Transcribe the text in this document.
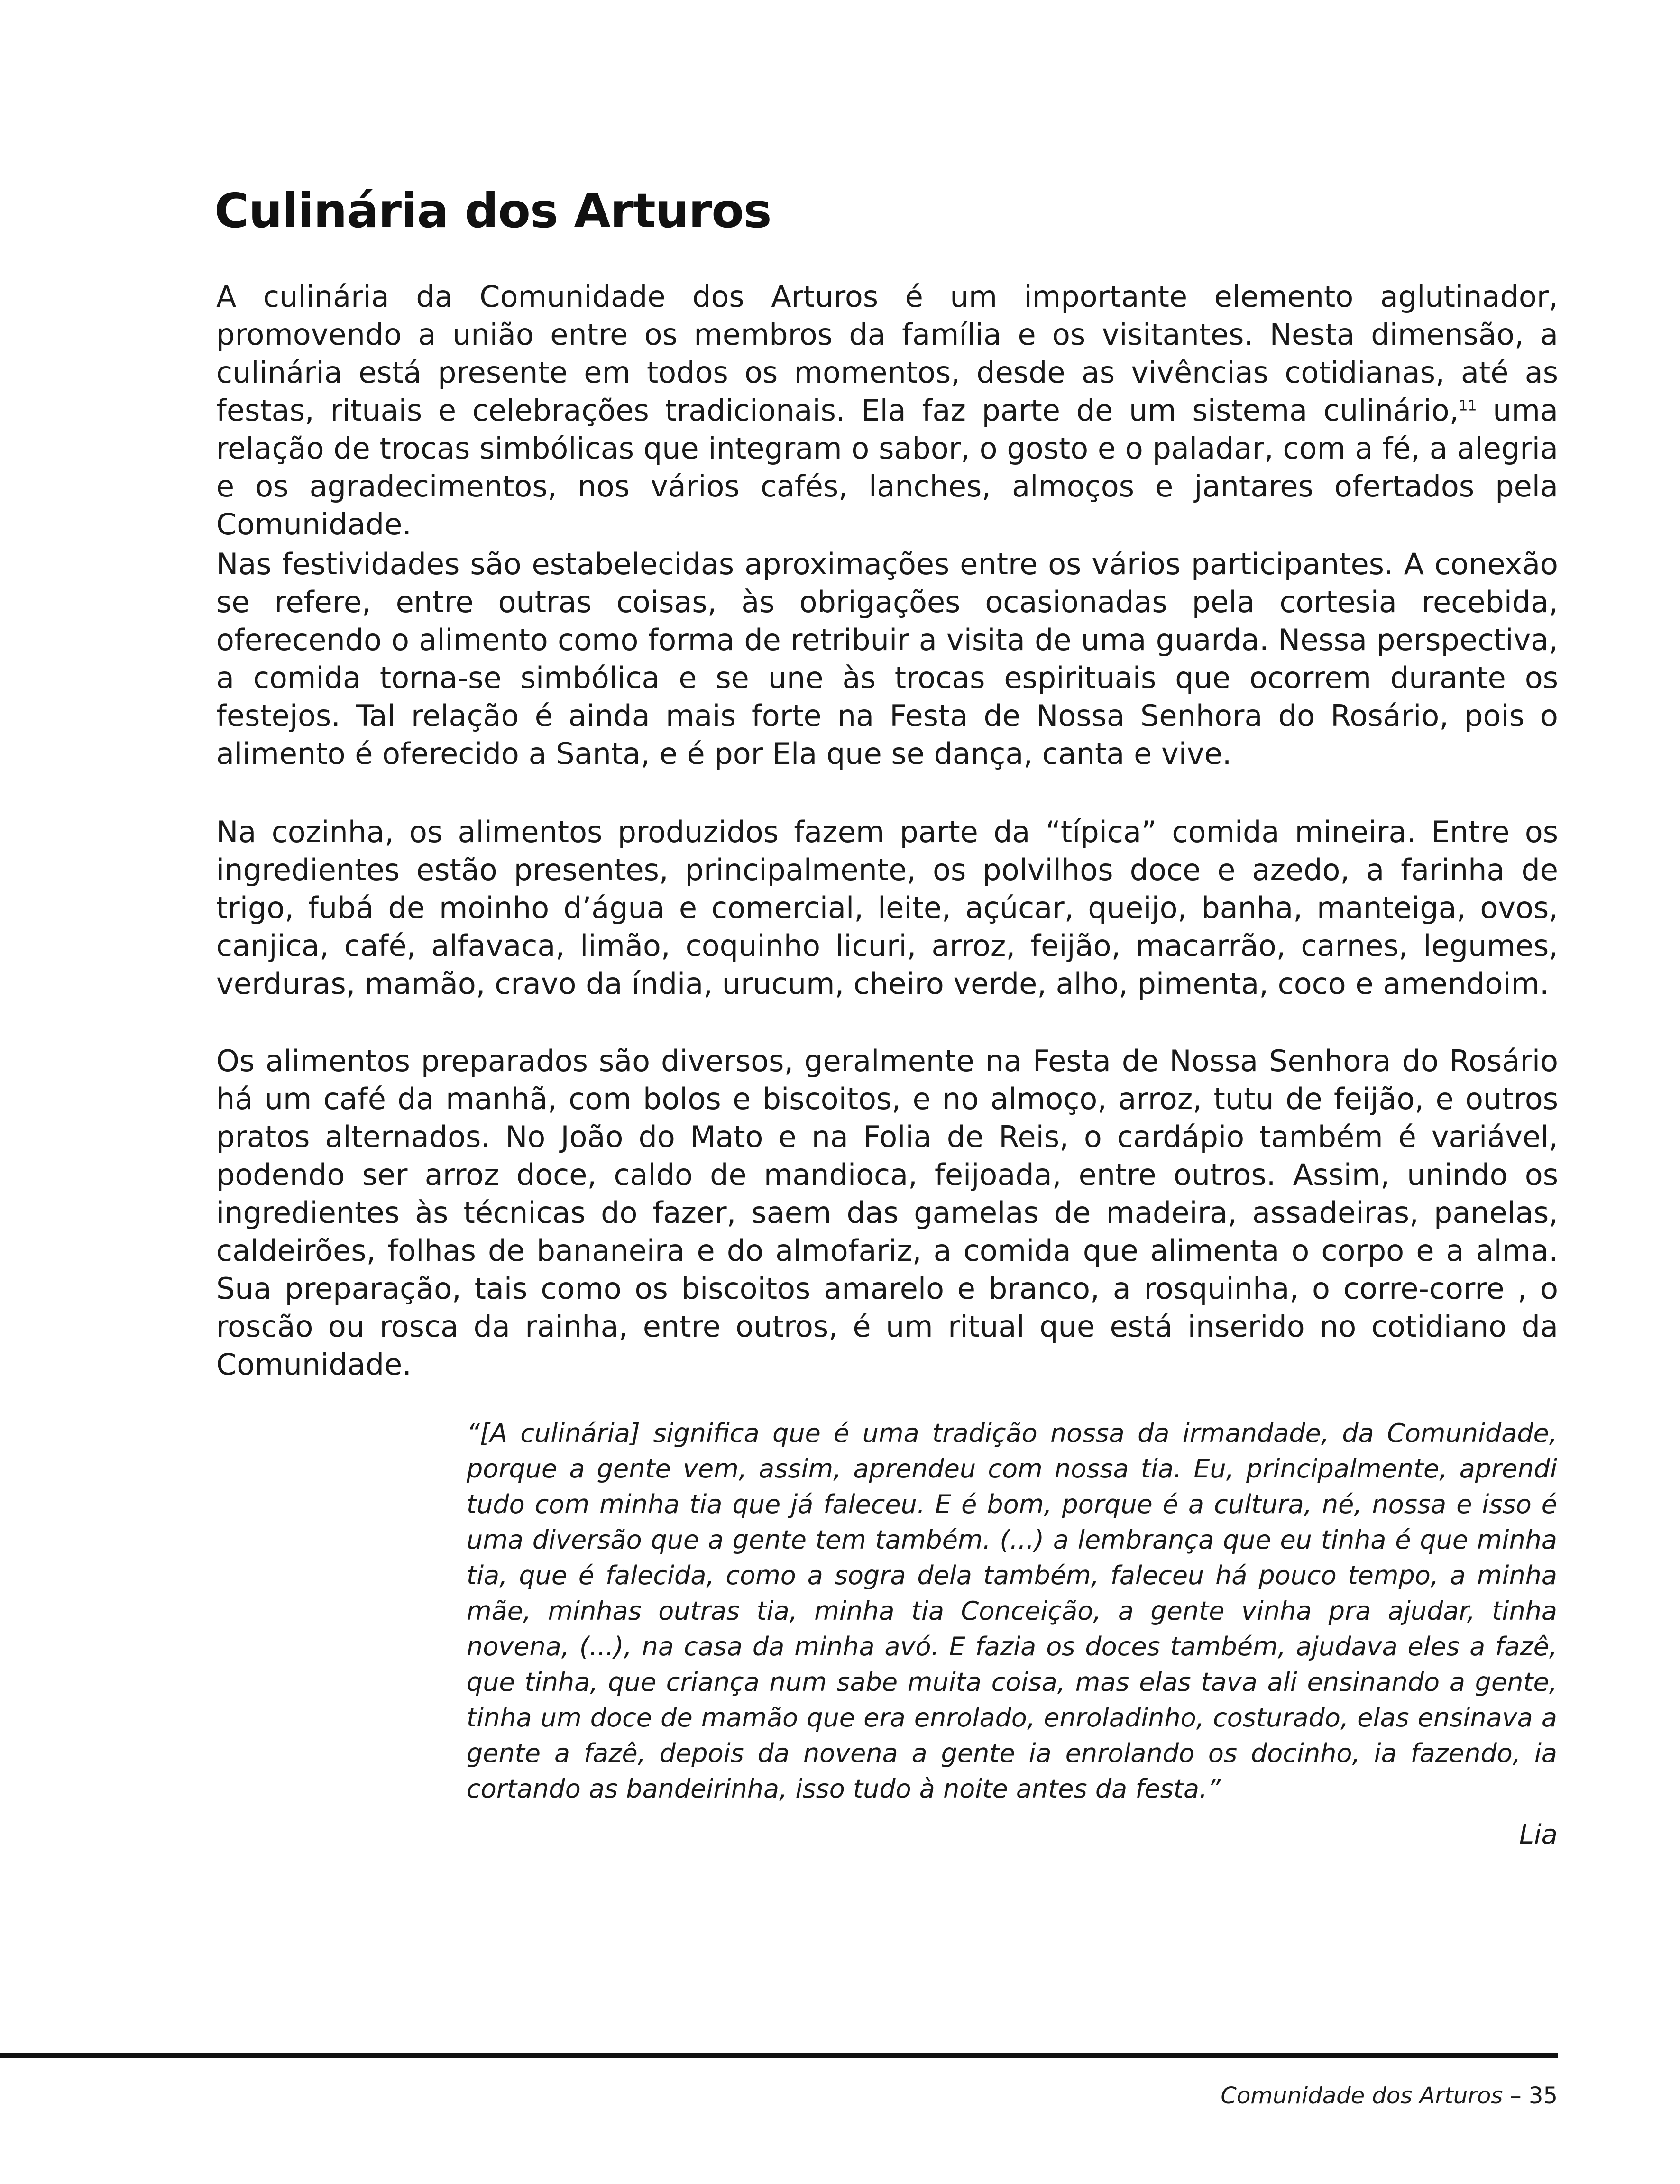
Culinária dos Arturos

A culinária da Comunidade dos Arturos é um importante elemento aglutinador, promovendo a união entre os membros da família e os visitantes. Nesta dimensão, a culinária está presente em todos os momentos, desde as vivências cotidianas, até as festas, rituais e celebrações tradicionais. Ela faz parte de um sistema culinário,$^{11}$ uma relação de trocas simbólicas que integram o sabor, o gosto e o paladar, com a fé, a alegria e os agradecimentos, nos vários cafés, lanches, almoços e jantares ofertados pela Comunidade.

Nas festividades são estabelecidas aproximações entre os vários participantes. A conexão se refere, entre outras coisas, às obrigações ocasionadas pela cortesia recebida, oferecendo o alimento como forma de retribuir a visita de uma guarda. Nessa perspectiva, a comida torna-se simbólica e se une às trocas espirituais que ocorrem durante os festejos. Tal relação é ainda mais forte na Festa de Nossa Senhora do Rosário, pois o alimento é oferecido a Santa, e é por Ela que se dança, canta e vive.

Na cozinha, os alimentos produzidos fazem parte da “típica” comida mineira. Entre os ingredientes estão presentes, principalmente, os polvilhos doce e azedo, a farinha de trigo, fubá de moinho d’água e comercial, leite, açúcar, queijo, banha, manteiga, ovos, canjica, café, alfavaca, limão, coquinho licuri, arroz, feijão, macarrão, carnes, legumes, verduras, mamão, cravo da índia, urucum, cheiro verde, alho, pimenta, coco e amendoim.

Os alimentos preparados são diversos, geralmente na Festa de Nossa Senhora do Rosário há um café da manhã, com bolos e biscoitos, e no almoço, arroz, tutu de feijão, e outros pratos alternados. No João do Mato e na Folia de Reis, o cardápio também é variável, podendo ser arroz doce, caldo de mandioca, feijoada, entre outros. Assim, unindo os ingredientes às técnicas do fazer, saem das gamelas de madeira, assadeiras, panelas, caldeirões, folhas de bananeira e do almofariz, a comida que alimenta o corpo e a alma. Sua preparação, tais como os biscoitos amarelo e branco, a rosquinha, o corre-corre , o roscão ou rosca da rainha, entre outros, é um ritual que está inserido no cotidiano da Comunidade.

“[A culinária] significa que é uma tradição nossa da irmandade, da Comunidade, porque a gente vem, assim, aprendeu com nossa tia. Eu, principalmente, aprendi tudo com minha tia que já faleceu. E é bom, porque é a cultura, né, nossa e isso é uma diversão que a gente tem também. (...) a lembrança que eu tinha é que minha tia, que é falecida, como a sogra dela também, faleceu há pouco tempo, a minha mãe, minhas outras tia, minha tia Conceição, a gente vinha pra ajudar, tinha novena, (...), na casa da minha avó. E fazia os doces também, ajudava eles a fazê, que tinha, que criança num sabe muita coisa, mas elas tava ali ensinando a gente, tinha um doce de mamão que era enrolado, enroladinho, costurado, elas ensinava a gente a fazê, depois da novena a gente ia enrolando os docinho, ia fazendo, ia cortando as bandeirinha, isso tudo à noite antes da festa.”

Lia

Comunidade dos Arturos – 35
